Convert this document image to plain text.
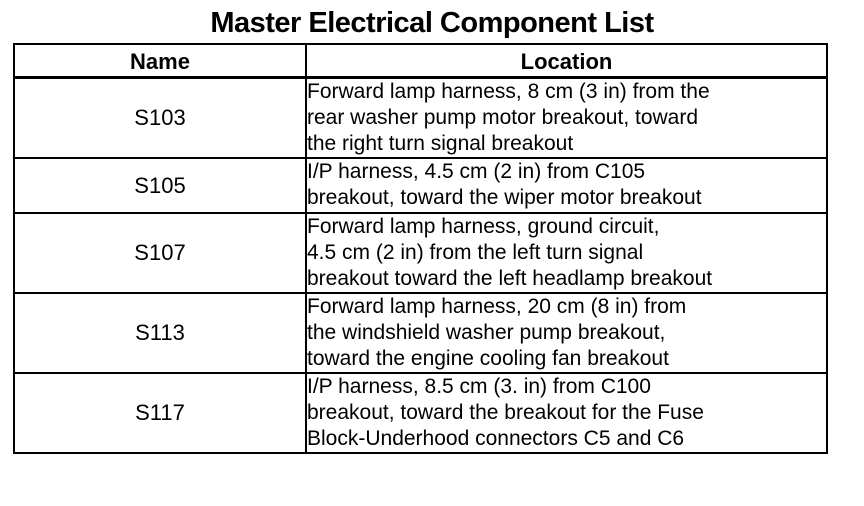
Master Electrical Component List
Name	Location
S103	Forward lamp harness, 8 cm (3 in) from the
rear washer pump motor breakout, toward
the right turn signal breakout

S105	I/P harness, 4.5 cm (2 in) from C105
breakout, toward the wiper motor breakout

S107	Forward lamp harness, ground circuit,
4.5 cm (2 in) from the left turn signal
breakout toward the left headlamp breakout

S113	Forward lamp harness, 20 cm (8 in) from
the windshield washer pump breakout,
toward the engine cooling fan breakout

S117	I/P harness, 8.5 cm (3. in) from C100
breakout, toward the breakout for the Fuse
Block-Underhood connectors C5 and C6
